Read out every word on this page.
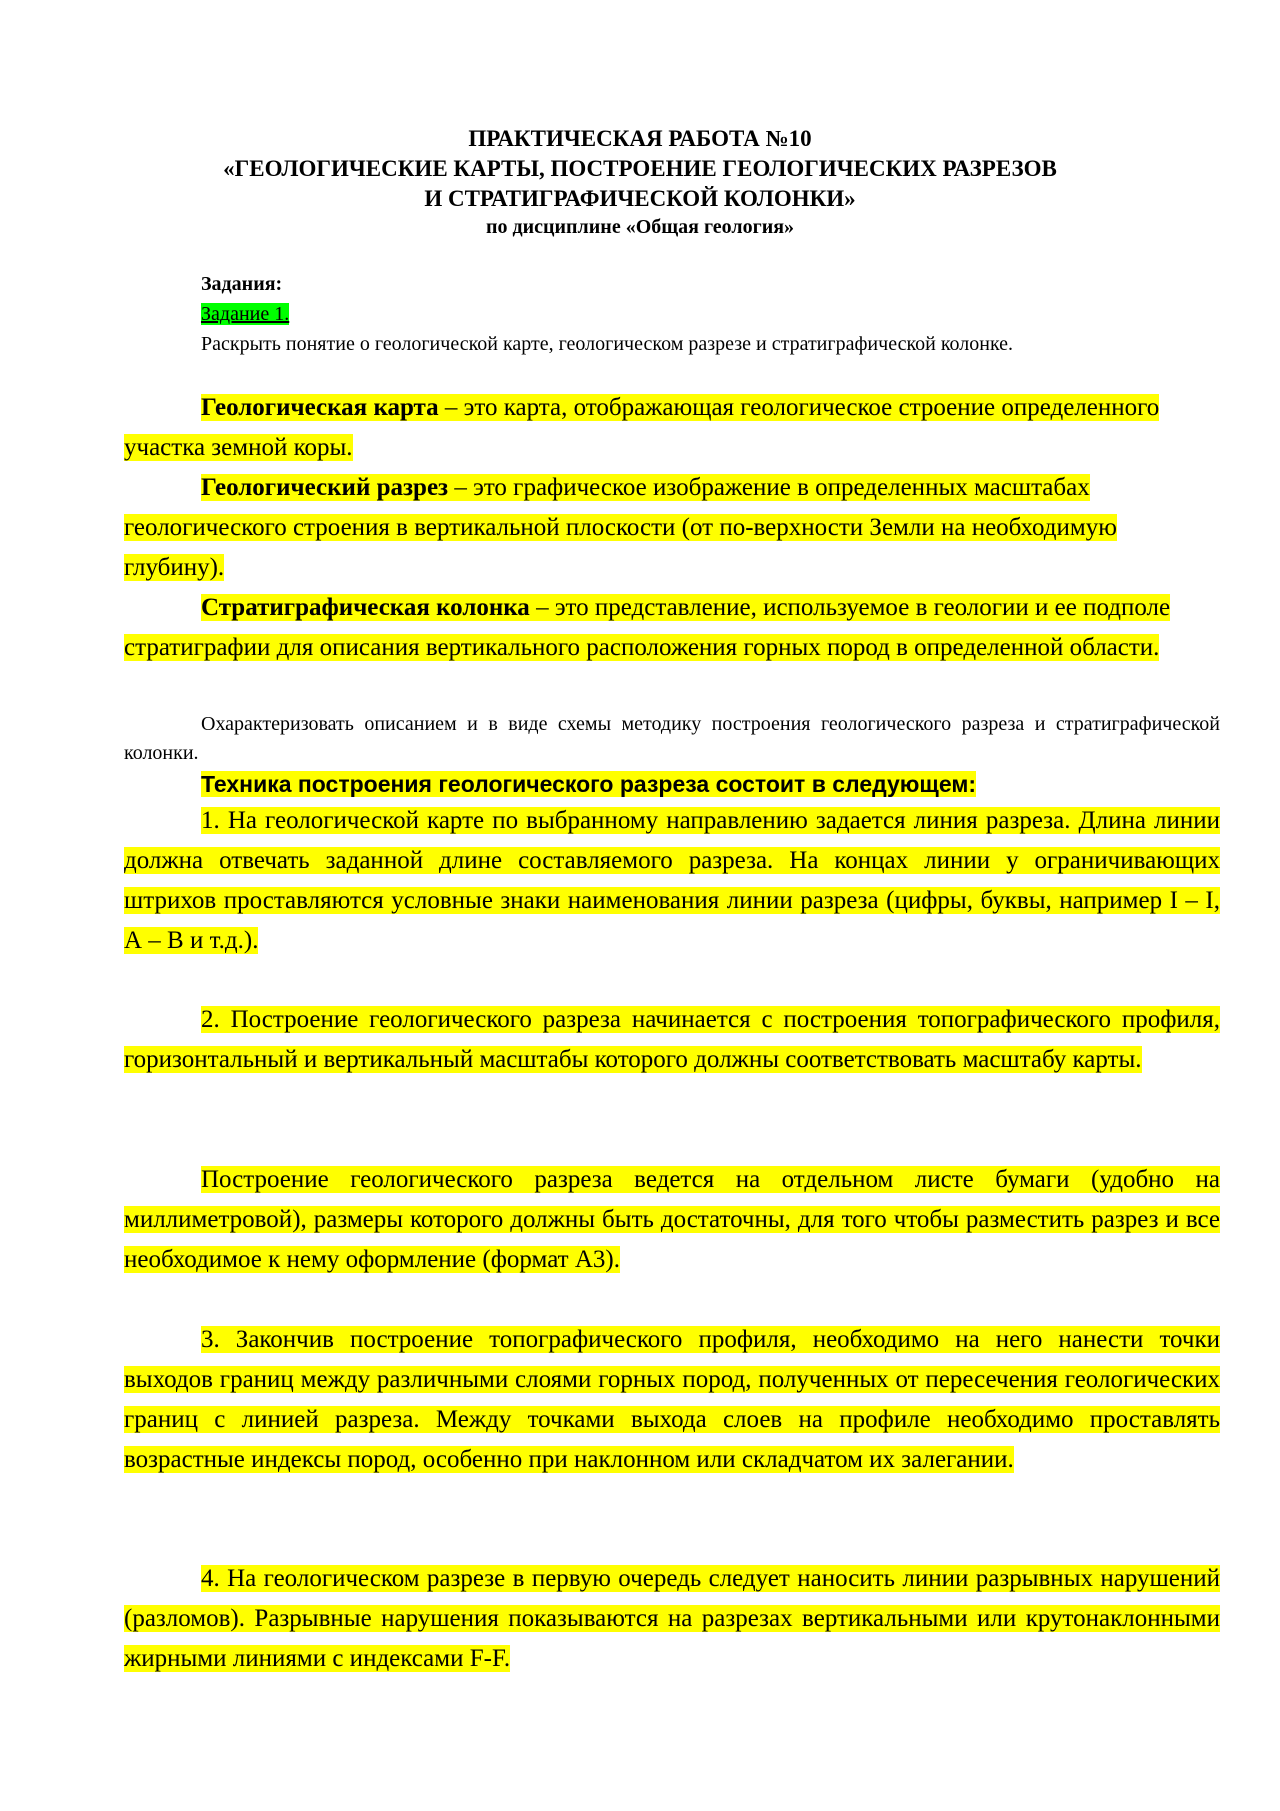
ПРАКТИЧЕСКАЯ РАБОТА №10
«ГЕОЛОГИЧЕСКИЕ КАРТЫ, ПОСТРОЕНИЕ ГЕОЛОГИЧЕСКИХ РАЗРЕЗОВ
И СТРАТИГРАФИЧЕСКОЙ КОЛОНКИ»
по дисциплине «Общая геология»
Задания:
Задание 1.

Раскрыть понятие о геологической карте, геологическом разрезе и стратиграфической колонке.

Геологическая карта – это карта, отображающая геологическое строение определенного участка земной коры.

Геологический разрез – это графическое изображение в определенных масштабах геологического строения в вертикальной плоскости (от по-верхности Земли на необходимую глубину).

Стратиграфическая колонка – это представление, используемое в геологии и ее подполе стратиграфии для описания вертикального расположения горных пород в определенной области.

Охарактеризовать описанием и в виде схемы методику построения геологического разреза и стратиграфической колонки.

Техника построения геологического разреза состоит в следующем:

1. На геологической карте по выбранному направлению задается линия разреза. Длина линии должна отвечать заданной длине составляемого разреза. На концах линии у ограничивающих штрихов проставляются условные знаки наименования линии разреза (цифры, буквы, например I – I, А – В и т.д.).

2. Построение геологического разреза начинается с построения топографического профиля, горизонтальный и вертикальный масштабы которого должны соответствовать масштабу карты.

Построение геологического разреза ведется на отдельном листе бумаги (удобно на миллиметровой), размеры которого должны быть достаточны, для того чтобы разместить разрез и все необходимое к нему оформление (формат А3).

3. Закончив построение топографического профиля, необходимо на него нанести точки выходов границ между различными слоями горных пород, полученных от пересечения геологических границ с линией разреза. Между точками выхода слоев на профиле необходимо проставлять возрастные индексы пород, особенно при наклонном или складчатом их залегании.

4. На геологическом разрезе в первую очередь следует наносить линии разрывных нарушений (разломов). Разрывные нарушения показываются на разрезах вертикальными или крутонаклонными жирными линиями с индексами F-F.
